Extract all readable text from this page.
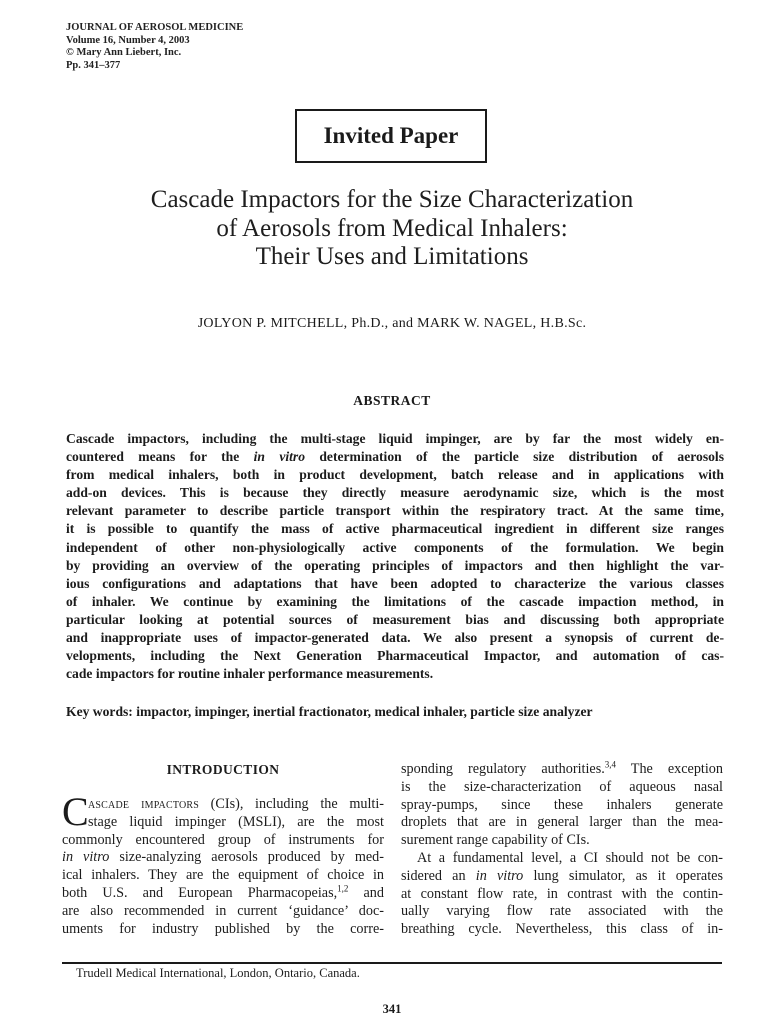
JOURNAL OF AEROSOL MEDICINE
Volume 16, Number 4, 2003
© Mary Ann Liebert, Inc.
Pp. 341–377
Invited Paper
Cascade Impactors for the Size Characterization
of Aerosols from Medical Inhalers:
Their Uses and Limitations
JOLYON P. MITCHELL, Ph.D., and MARK W. NAGEL, H.B.Sc.
ABSTRACT
Cascade impactors, including the multi-stage liquid impinger, are by far the most widely en-
countered means for the in vitro determination of the particle size distribution of aerosols
from medical inhalers, both in product development, batch release and in applications with
add-on devices. This is because they directly measure aerodynamic size, which is the most
relevant parameter to describe particle transport within the respiratory tract. At the same time,
it is possible to quantify the mass of active pharmaceutical ingredient in different size ranges
independent of other non-physiologically active components of the formulation. We begin
by providing an overview of the operating principles of impactors and then highlight the var-
ious configurations and adaptations that have been adopted to characterize the various classes
of inhaler. We continue by examining the limitations of the cascade impaction method, in
particular looking at potential sources of measurement bias and discussing both appropriate
and inappropriate uses of impactor-generated data. We also present a synopsis of current de-
velopments, including the Next Generation Pharmaceutical Impactor, and automation of cas-
cade impactors for routine inhaler performance measurements.
Key words: impactor, impinger, inertial fractionator, medical inhaler, particle size analyzer
INTRODUCTION
C ascade impactors (CIs), including the multi-
stage liquid impinger (MSLI), are the most
commonly encountered group of instruments for
in vitro size-analyzing aerosols produced by med-
ical inhalers. They are the equipment of choice in
both U.S. and European Pharmacopeias,$^{1,2}$ and
are also recommended in current ‘guidance’ doc-
uments for industry published by the corre-
sponding regulatory authorities.$^{3,4}$ The exception
is the size-characterization of aqueous nasal
spray-pumps, since these inhalers generate
droplets that are in general larger than the mea-
surement range capability of CIs.
At a fundamental level, a CI should not be con-
sidered an in vitro lung simulator, as it operates
at constant flow rate, in contrast with the contin-
ually varying flow rate associated with the
breathing cycle. Nevertheless, this class of in-
Trudell Medical International, London, Ontario, Canada.
341
